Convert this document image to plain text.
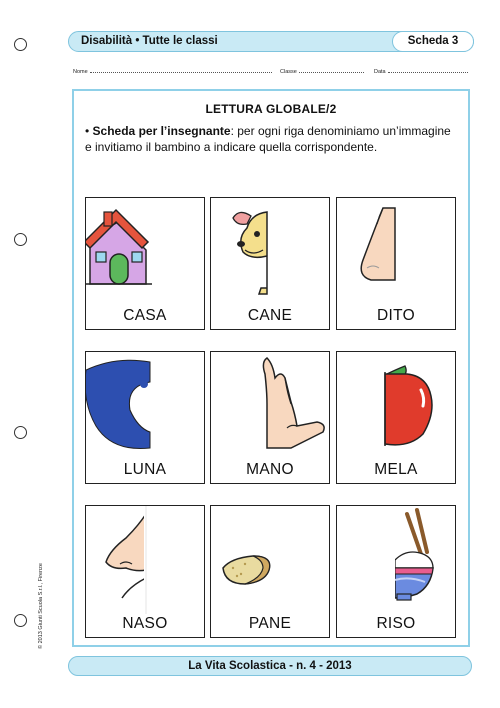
Disabilità • Tutte le classi	Scheda 3
Nome	Classe	Data
LETTURA GLOBALE/2
• Scheda per l’insegnante: per ogni riga denominiamo un’immagine e invitiamo il bambino a indicare quella corrispondente.
CASA	CANE	DITO
LUNA	MANO	MELA
NASO	PANE	RISO
© 2013 Giunti Scuola S.r.l., Firenze
La Vita Scolastica - n. 4 - 2013
